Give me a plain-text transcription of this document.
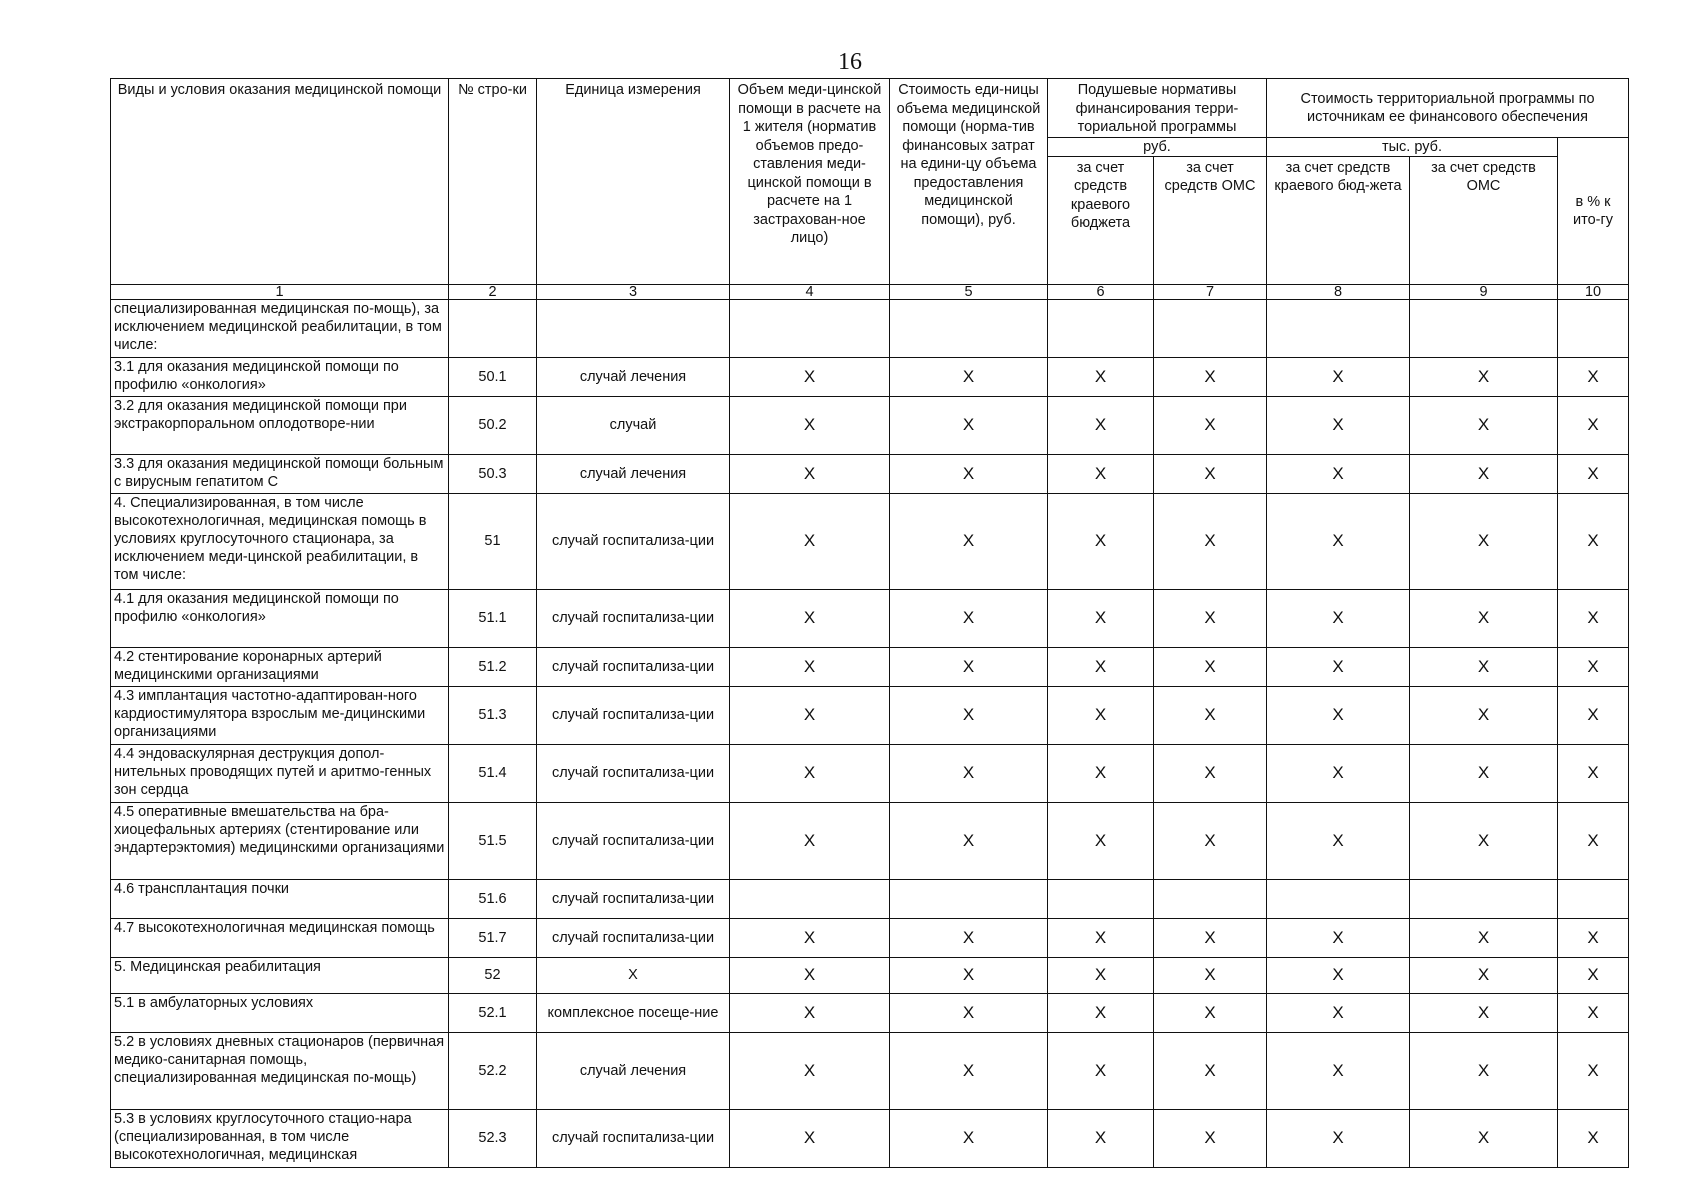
16
Виды и условия оказания медицинской помощи	№ стро-ки	Единица измерения	Объем меди-цинской помощи в расчете на 1 жителя (норматив объемов предо-ставления меди-цинской помощи в расчете на 1 застрахован-ное лицо)	Стоимость еди-ницы объема медицинской помощи (норма-тив финансовых затрат на едини-цу объема предоставления медицинской помощи), руб.	Подушевые нормативы финансирования терри-ториальной программы		Стоимость территориальной программы по источникам ее финансового обеспечения		
					руб.		тыс. руб.		в % к ито-гу
					за счет средств краевого бюджета	за счет средств ОМС	за счет средств краевого бюд-жета	за счет средств ОМС	
1	2	3	4	5	6	7	8	9	10
специализированная медицинская по-мощь), за исключением медицинской реабилитации, в том числе:									
3.1 для оказания медицинской помощи по профилю «онкология»	50.1	случай лечения	Х	Х	Х	Х	Х	Х	Х
3.2 для оказания медицинской помощи при экстракорпоральном оплодотворе-нии	50.2	случай	Х	Х	Х	Х	Х	Х	Х
3.3 для оказания медицинской помощи больным с вирусным гепатитом С	50.3	случай лечения	Х	Х	Х	Х	Х	Х	Х
4. Специализированная, в том числе высокотехнологичная, медицинская помощь в условиях круглосуточного стационара, за исключением меди-цинской реабилитации, в том числе:	51	случай госпитализа-ции	Х	Х	Х	Х	Х	Х	Х
4.1 для оказания медицинской помощи по профилю «онкология»	51.1	случай госпитализа-ции	Х	Х	Х	Х	Х	Х	Х
4.2 стентирование коронарных артерий медицинскими организациями	51.2	случай госпитализа-ции	Х	Х	Х	Х	Х	Х	Х
4.3 имплантация частотно-адаптирован-ного кардиостимулятора взрослым ме-дицинскими организациями	51.3	случай госпитализа-ции	Х	Х	Х	Х	Х	Х	Х
4.4 эндоваскулярная деструкция допол-нительных проводящих путей и аритмо-генных зон сердца	51.4	случай госпитализа-ции	Х	Х	Х	Х	Х	Х	Х
4.5 оперативные вмешательства на бра-хиоцефальных артериях (стентирование или эндартерэктомия) медицинскими организациями	51.5	случай госпитализа-ции	Х	Х	Х	Х	Х	Х	Х
4.6 трансплантация почки	51.6	случай госпитализа-ции							
4.7 высокотехнологичная медицинская помощь	51.7	случай госпитализа-ции	Х	Х	Х	Х	Х	Х	Х
5. Медицинская реабилитация	52	Х	Х	Х	Х	Х	Х	Х	Х
5.1 в амбулаторных условиях	52.1	комплексное посеще-ние	Х	Х	Х	Х	Х	Х	Х
5.2 в условиях дневных стационаров (первичная медико-санитарная помощь, специализированная медицинская по-мощь)	52.2	случай лечения	Х	Х	Х	Х	Х	Х	Х
5.3 в условиях круглосуточного стацио-нара (специализированная, в том числе высокотехнологичная, медицинская	52.3	случай госпитализа-ции	Х	Х	Х	Х	Х	Х	Х
